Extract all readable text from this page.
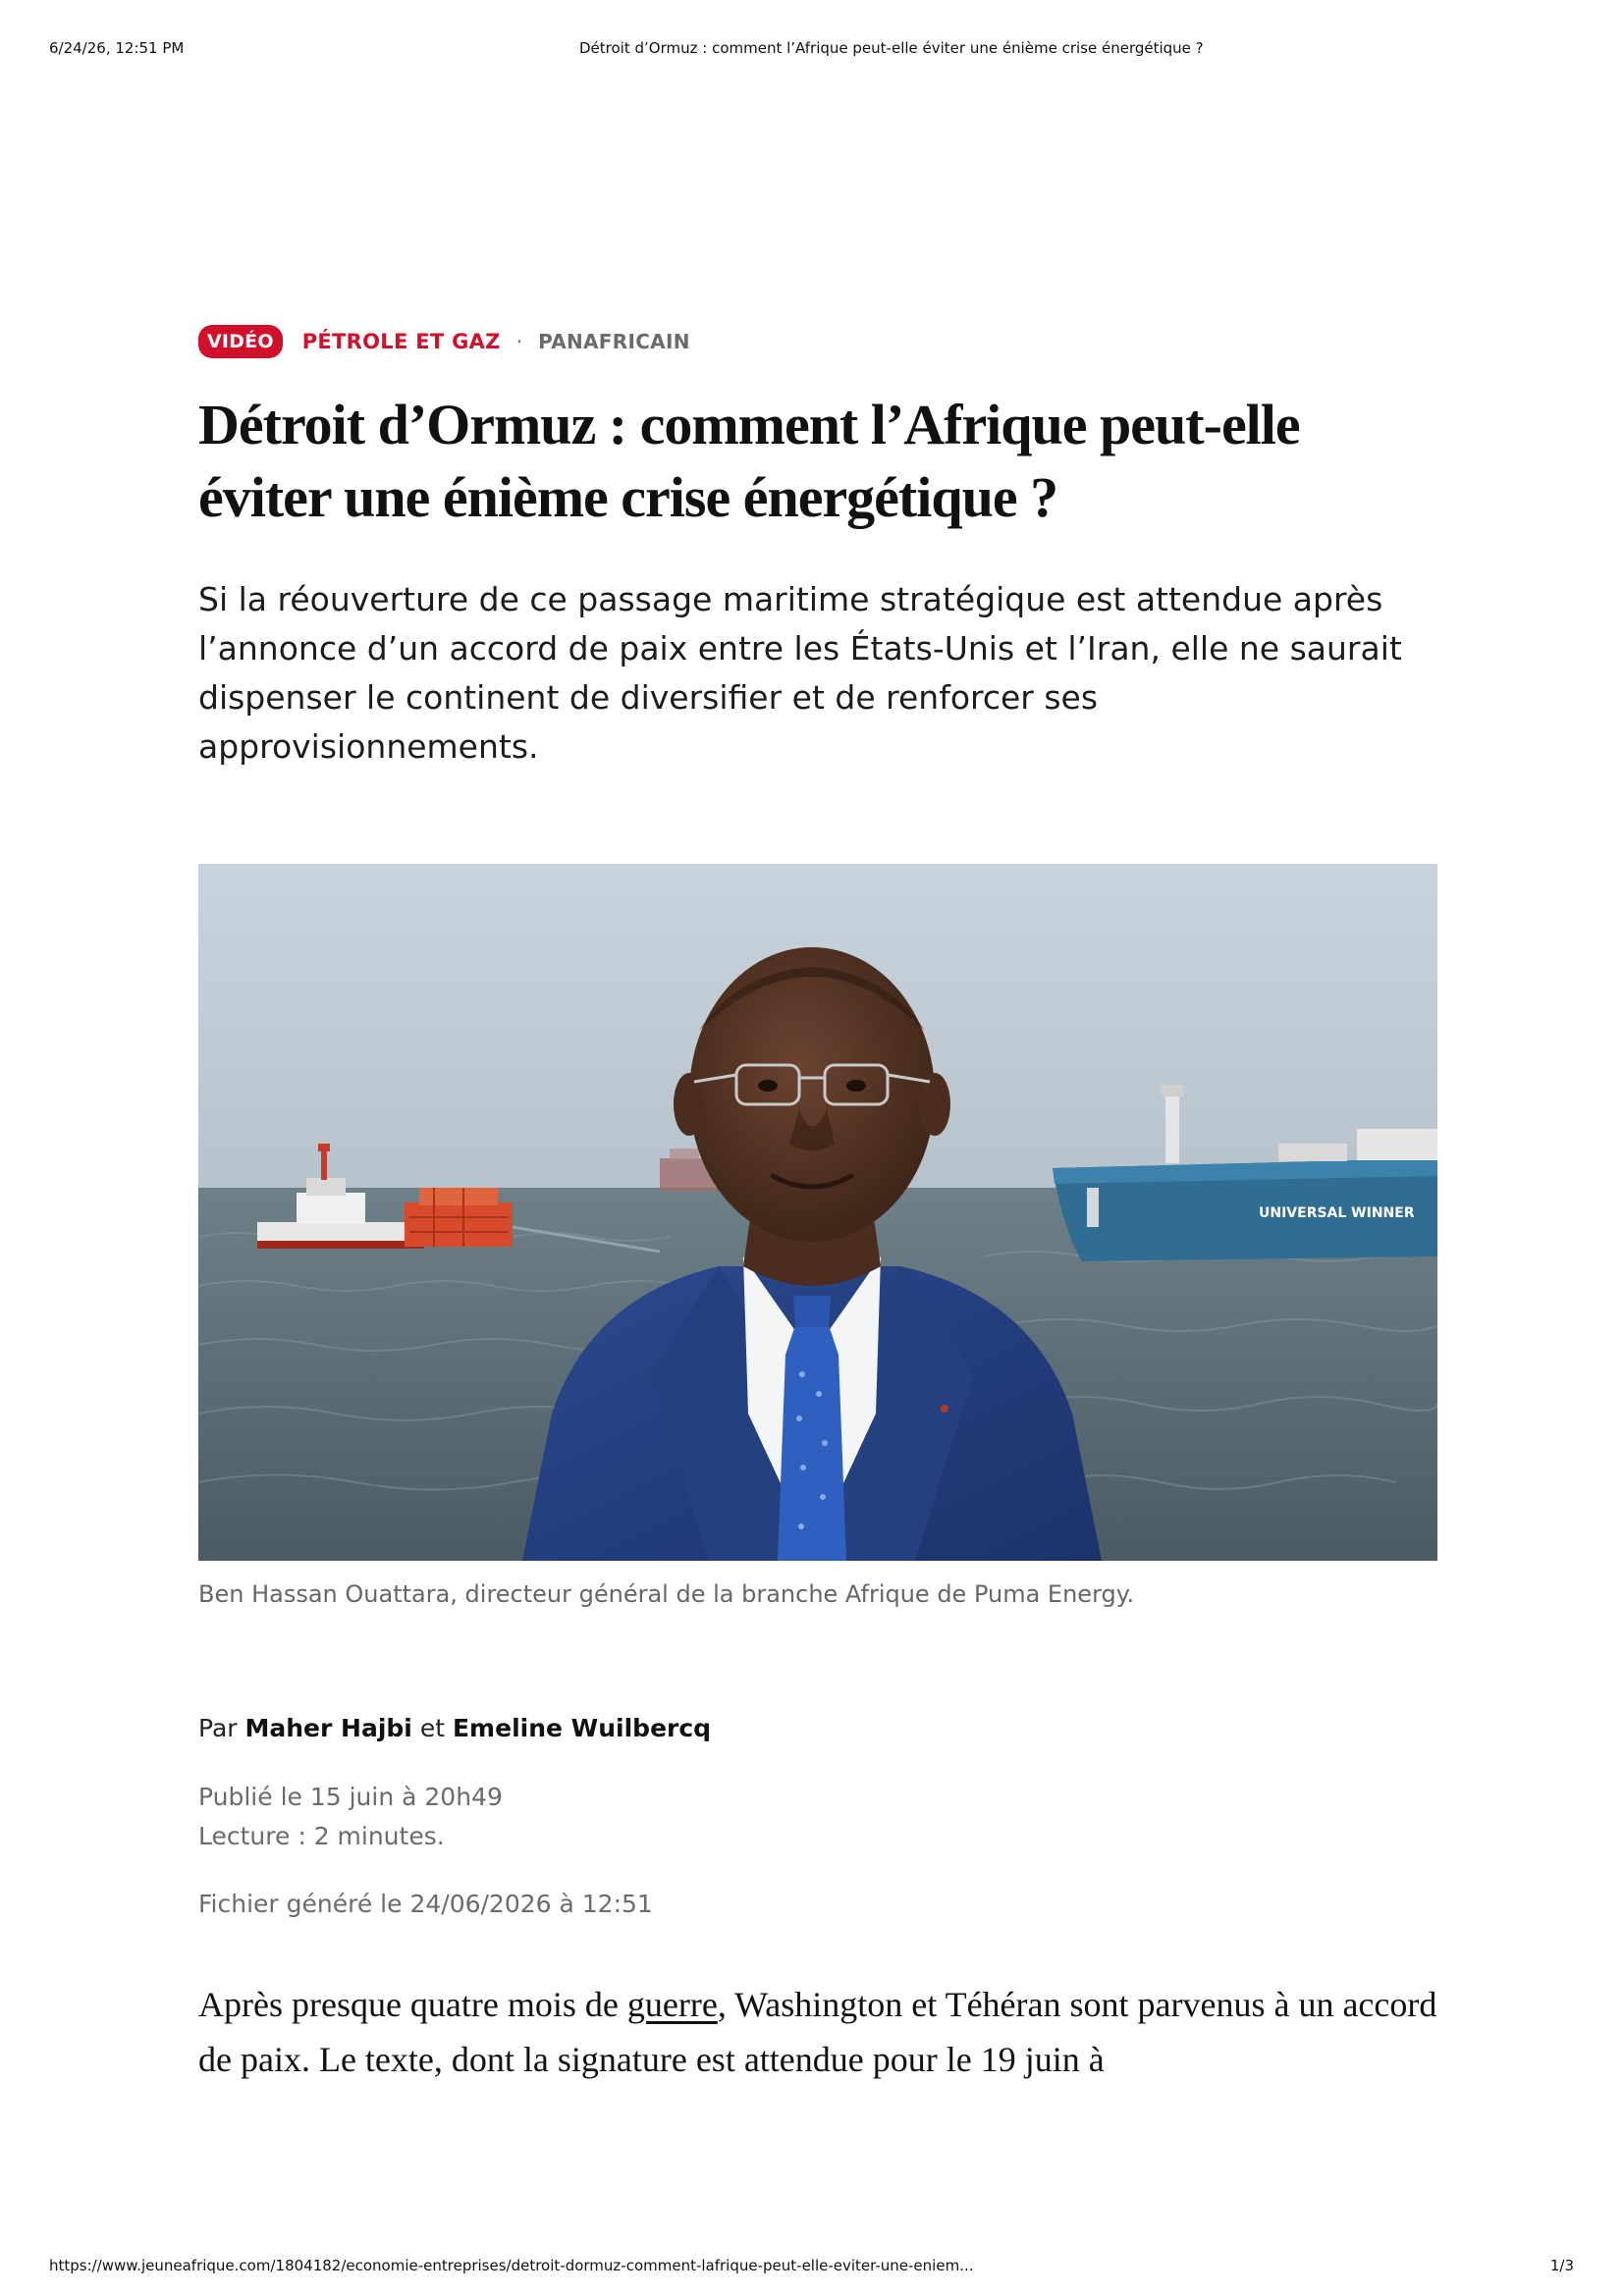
6/24/26, 12:51 PM	Détroit d’Ormuz : comment l’Afrique peut-elle éviter une énième crise énergétique ?
VIDÉO	PÉTROLE ET GAZ · PANAFRICAIN
Détroit d’Ormuz : comment l’Afrique peut-elle éviter une énième crise énergétique ?

Si la réouverture de ce passage maritime stratégique est attendue après l’annonce d’un accord de paix entre les États-Unis et l’Iran, elle ne saurait dispenser le continent de diversifier et de renforcer ses approvisionnements.

UNIVERSAL WINNER
Ben Hassan Ouattara, directeur général de la branche Afrique de Puma Energy.
Par Maher Hajbi et Emeline Wuilbercq
Publié le 15 juin à 20h49
Lecture : 2 minutes.
Fichier généré le 24/06/2026 à 12:51

Après presque quatre mois de guerre, Washington et Téhéran sont parvenus à un accord de paix. Le texte, dont la signature est attendue pour le 19 juin à

https://www.jeuneafrique.com/1804182/economie-entreprises/detroit-dormuz-comment-lafrique-peut-elle-eviter-une-eniem...	1/3
